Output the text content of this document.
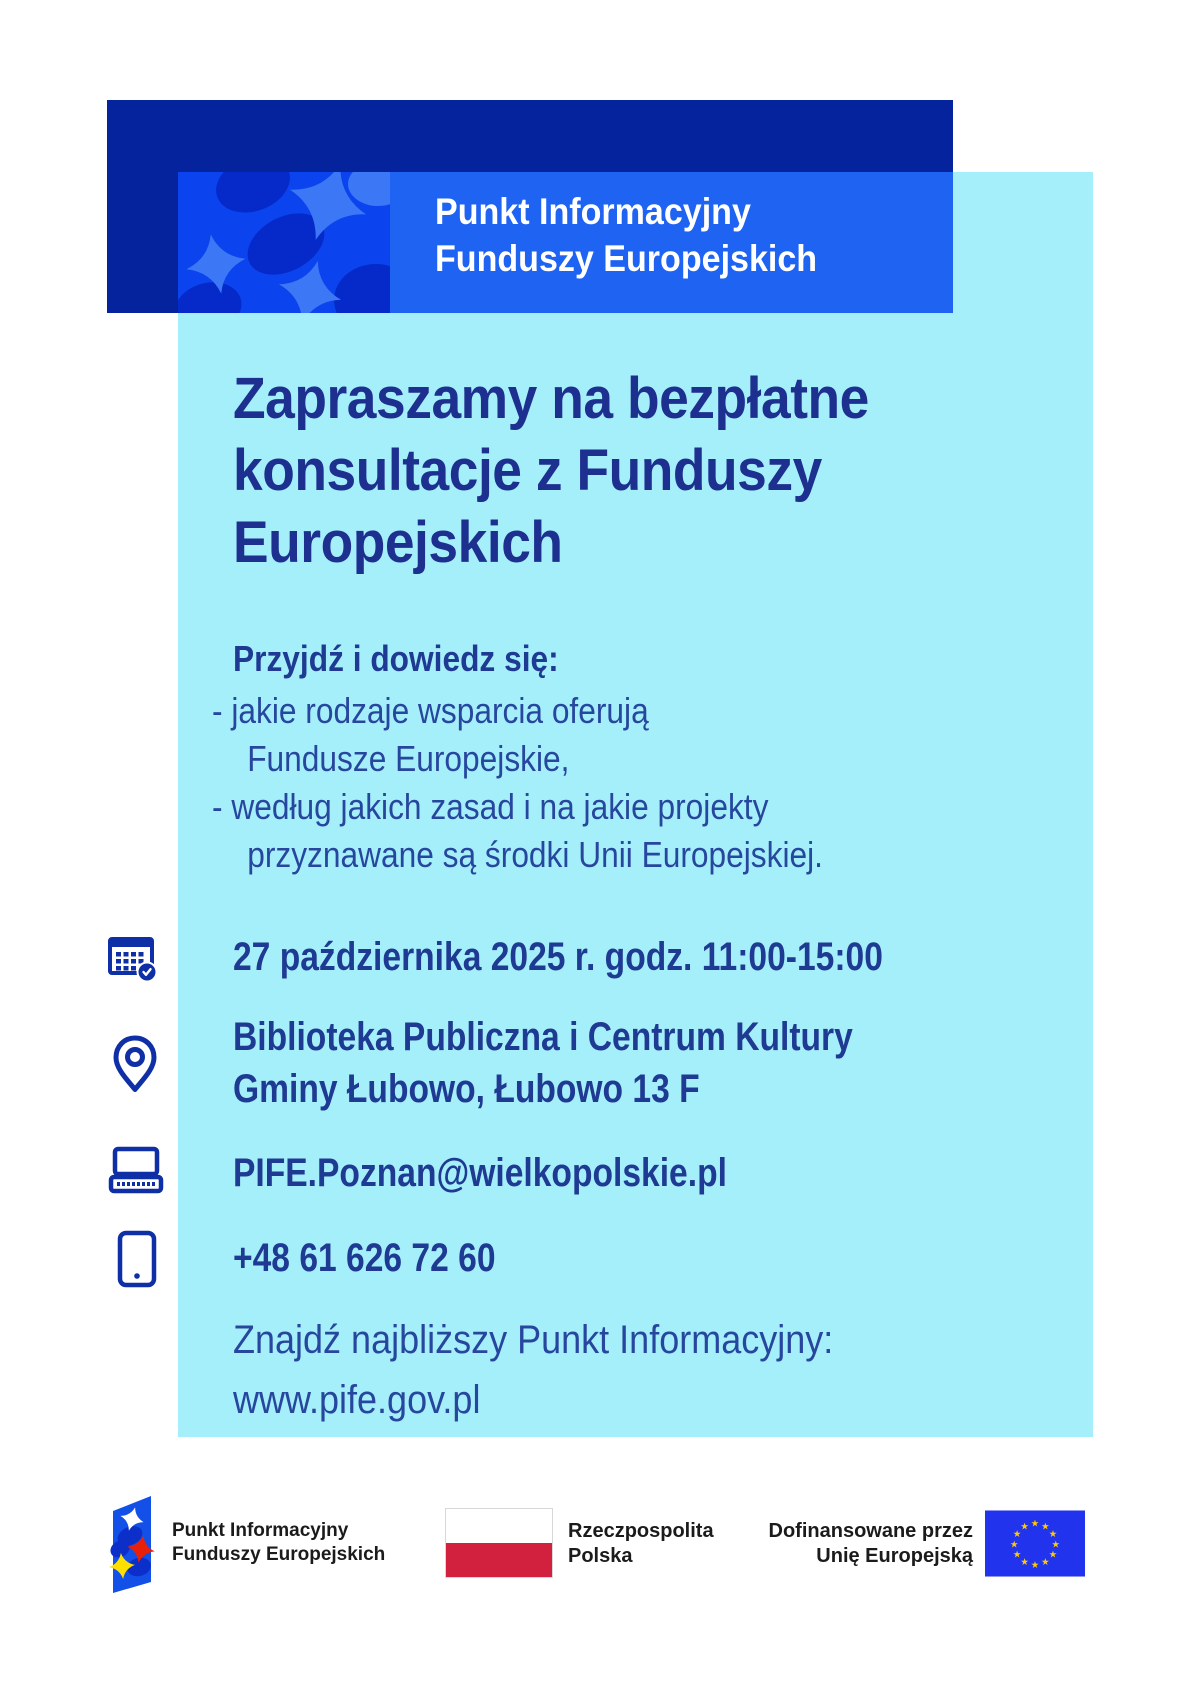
Punkt Informacyjny
Funduszy Europejskich
Zapraszamy na bezpłatne
konsultacje z Funduszy
Europejskich
Przyjdź i dowiedz się:
- jakie rodzaje wsparcia oferują
Fundusze Europejskie,
- według jakich zasad i na jakie projekty
przyznawane są środki Unii Europejskiej.
27 października 2025 r. godz. 11:00-15:00
Biblioteka Publiczna i Centrum Kultury
Gminy Łubowo, Łubowo 13 F
PIFE.Poznan@wielkopolskie.pl
+48 61 626 72 60
Znajdź najbliższy Punkt Informacyjny:
www.pife.gov.pl
Punkt Informacyjny
Funduszy Europejskich
Rzeczpospolita
Polska
Dofinansowane przez
Unię Europejską
★ ★
★
★
★
★
★
★
★
★
★
★
